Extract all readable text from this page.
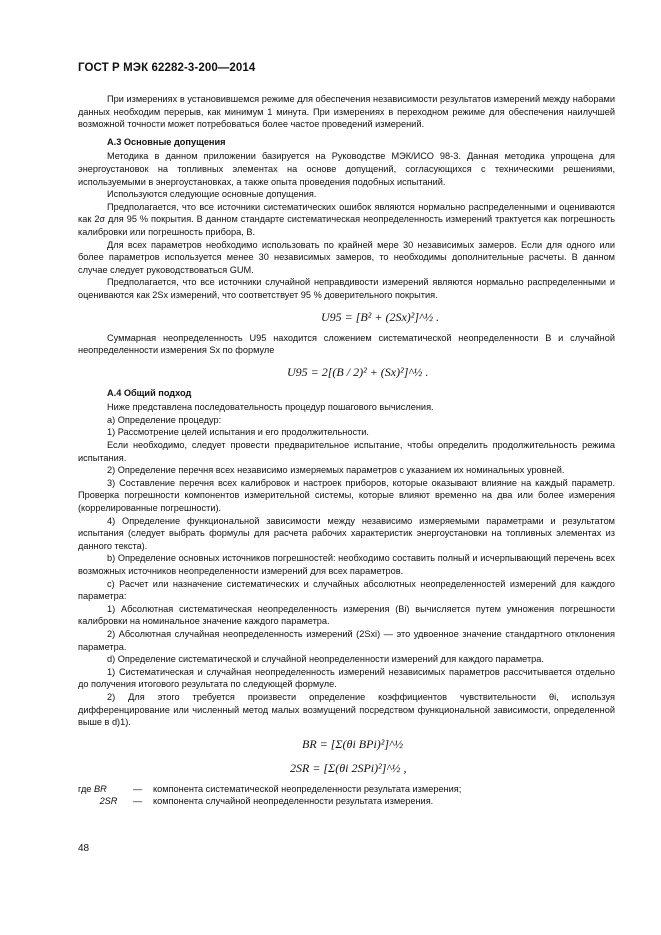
ГОСТ Р МЭК 62282-3-200—2014

При измерениях в установившемся режиме для обеспечения независимости результатов измерений между наборами данных необходим перерыв, как минимум 1 минута. При измерениях в переходном режиме для обеспечения наилучшей возможной точности может потребоваться более частое проведений измерений.

А.3 Основные допущения

Методика в данном приложении базируется на Руководстве МЭК/ИСО 98-3. Данная методика упрощена для энергоустановок на топливных элементах на основе допущений, согласующихся с техническими решениями, используемыми в энергоустановках, а также опыта проведения подобных испытаний.

Используются следующие основные допущения.

Предполагается, что все источники систематических ошибок являются нормально распределенными и оцениваются как 2σ для 95 % покрытия. В данном стандарте систематическая неопределенность измерений трактуется как погрешность калибровки или погрешность прибора, B.

Для всех параметров необходимо использовать по крайней мере 30 независимых замеров. Если для одного или более параметров используется менее 30 независимых замеров, то необходимы дополнительные расчеты. В данном случае следует руководствоваться GUM.

Предполагается, что все источники случайной неправдивости измерений являются нормально распределенными и оцениваются как 2Sx измерений, что соответствует 95 % доверительного покрытия.

U95 = [B² + (2Sx)²]^½ .

Суммарная неопределенность U95 находится сложением систематической неопределенности B и случайной неопределенности измерения Sx по формуле

U95 = 2[(B / 2)² + (Sx)²]^½ .
А.4 Общий подход

Ниже представлена последовательность процедур пошагового вычисления.

а) Определение процедур:

1) Рассмотрение целей испытания и его продолжительности.

Если необходимо, следует провести предварительное испытание, чтобы определить продолжительность режима испытания.

2) Определение перечня всех независимо измеряемых параметров с указанием их номинальных уровней.

3) Составление перечня всех калибровок и настроек приборов, которые оказывают влияние на каждый параметр. Проверка погрешности компонентов измерительной системы, которые влияют временно на два или более измерения (коррелированные погрешности).

4) Определение функциональной зависимости между независимо измеряемыми параметрами и результатом испытания (следует выбрать формулы для расчета рабочих характеристик энергоустановки на топливных элементах из данного текста).

b) Определение основных источников погрешностей: необходимо составить полный и исчерпывающий перечень всех возможных источников неопределенности измерений для всех параметров.

с) Расчет или назначение систематических и случайных абсолютных неопределенностей измерений для каждого параметра:

1) Абсолютная систематическая неопределенность измерения (Bi) вычисляется путем умножения погрешности калибровки на номинальное значение каждого параметра.

2) Абсолютная случайная неопределенность измерений (2Sxi) — это удвоенное значение стандартного отклонения параметра.

d) Определение систематической и случайной неопределенности измерений для каждого параметра.

1) Систематическая и случайная неопределенность измерений независимых параметров рассчитывается отдельно до получения итогового результата по следующей формуле.

2) Для этого требуется произвести определение коэффициентов чувствительности θi, используя дифференцирование или численный метод малых возмущений посредством функциональной зависимости, определенной выше в d)1).

BR = [Σ(θi BPi)²]^½
2SR = [Σ(θi 2SPi)²]^½ ,
где BR	—	компонента систематической неопределенности результата измерения;
2SR	—	компонента случайной неопределенности результата измерения.
48
